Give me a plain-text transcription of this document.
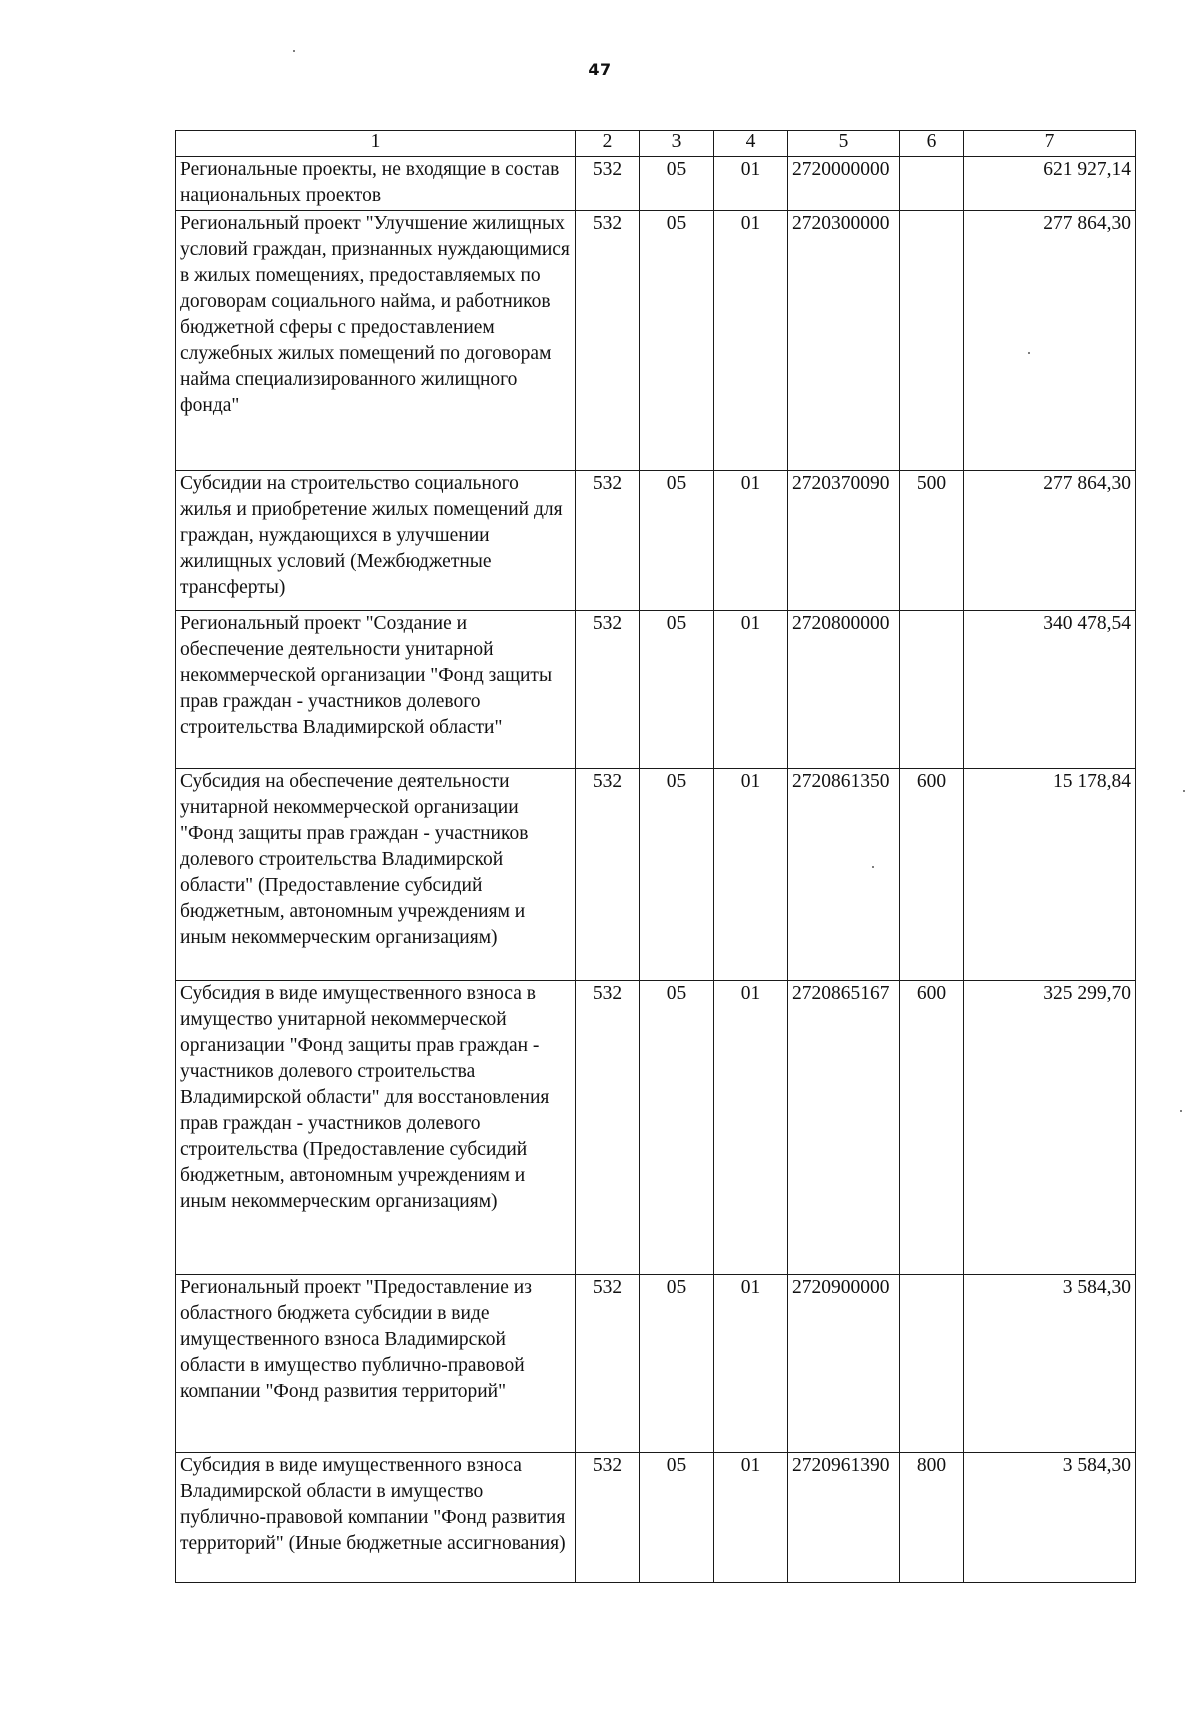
47
1	2	3	4	5	6	7
Региональные проекты, не входящие в состав национальных проектов	532	05	01	2720000000		621 927,14
Региональный проект "Улучшение жилищных условий граждан, признанных нуждающимися в жилых помещениях, предоставляемых по договорам социального найма, и работников бюджетной сферы с предоставлением служебных жилых помещений по договорам найма специализированного жилищного фонда"	532	05	01	2720300000		277 864,30
Субсидии на строительство социального жилья и приобретение жилых помещений для граждан, нуждающихся в улучшении жилищных условий (Межбюджетные трансферты)	532	05	01	2720370090	500	277 864,30
Региональный проект "Создание и обеспечение деятельности унитарной некоммерческой организации "Фонд защиты прав граждан - участников долевого строительства Владимирской области"	532	05	01	2720800000		340 478,54
Субсидия на обеспечение деятельности унитарной некоммерческой организации "Фонд защиты прав граждан - участников долевого строительства Владимирской области" (Предоставление субсидий бюджетным, автономным учреждениям и иным некоммерческим организациям)	532	05	01	2720861350	600	15 178,84
Субсидия в виде имущественного взноса в имущество унитарной некоммерческой организации "Фонд защиты прав граждан - участников долевого строительства Владимирской области" для восстановления прав граждан - участников долевого строительства (Предоставление субсидий бюджетным, автономным учреждениям и иным некоммерческим организациям)	532	05	01	2720865167	600	325 299,70
Региональный проект "Предоставление из областного бюджета субсидии в виде имущественного взноса Владимирской области в имущество публично-правовой компании "Фонд развития территорий"	532	05	01	2720900000		3 584,30
Субсидия в виде имущественного взноса Владимирской области в имущество публично-правовой компании "Фонд развития территорий" (Иные бюджетные ассигнования)	532	05	01	2720961390	800	3 584,30
